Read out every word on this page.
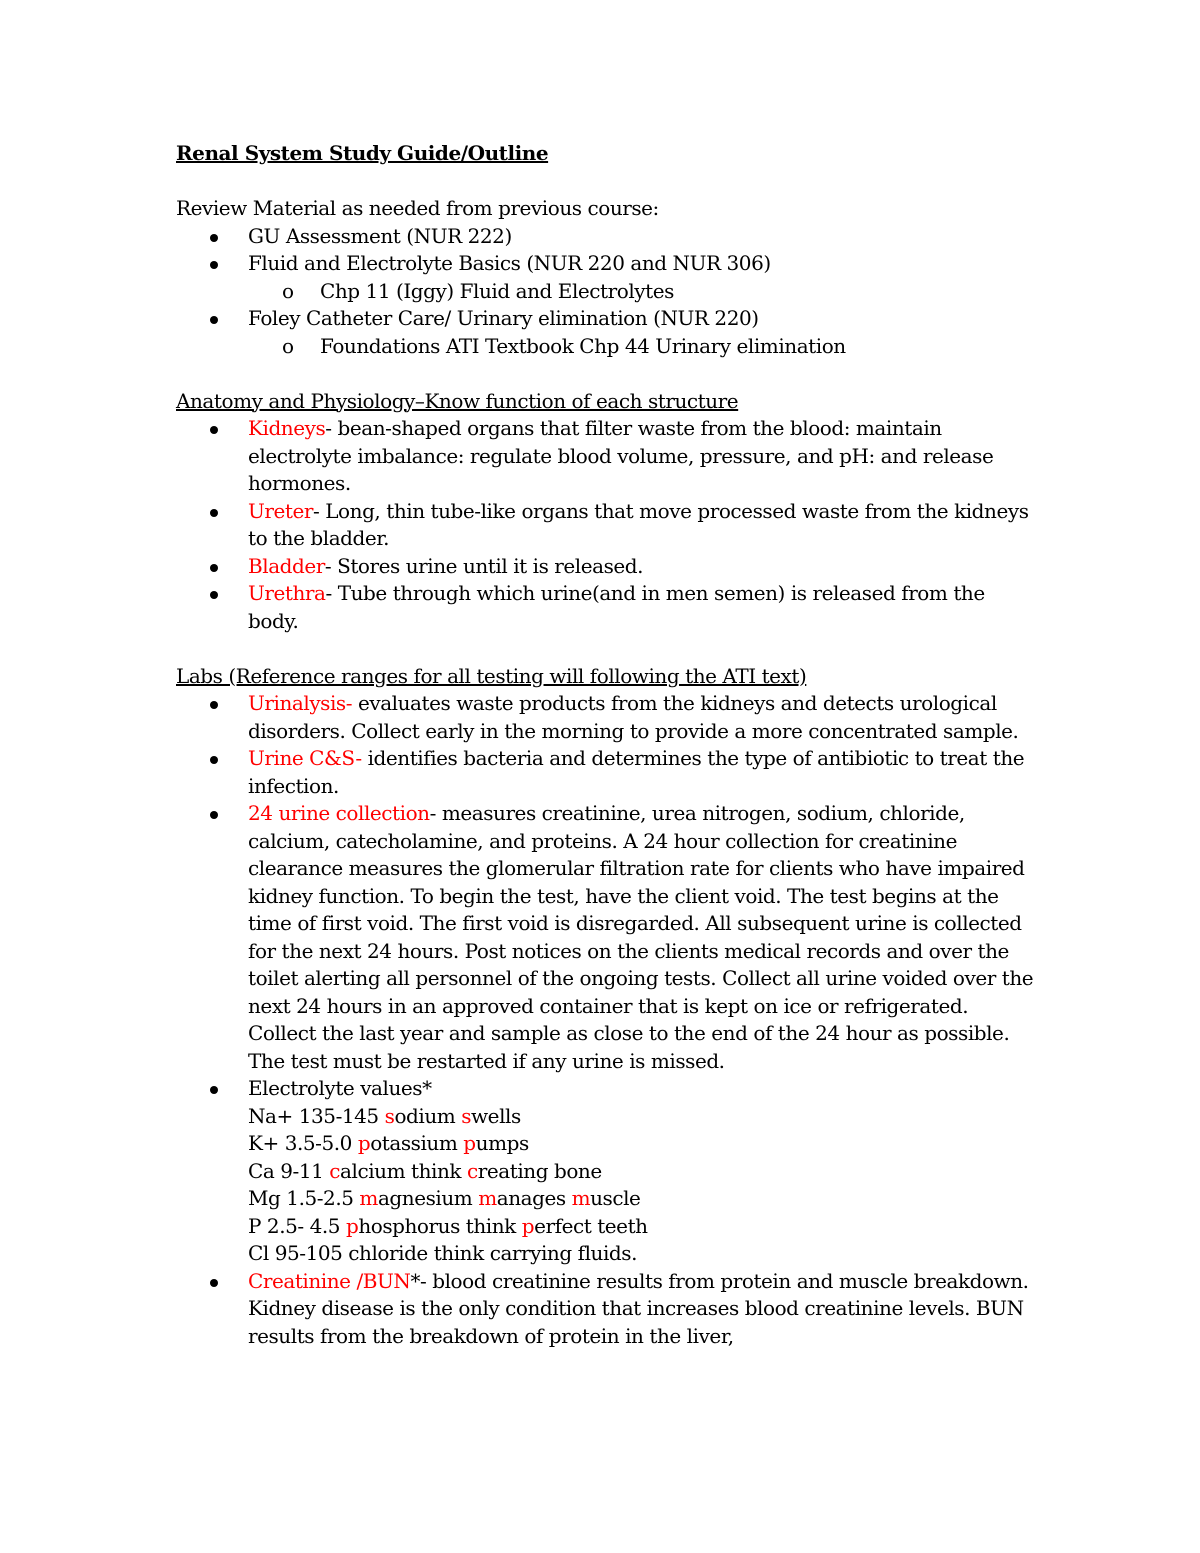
Renal System Study Guide/Outline

Review Material as needed from previous course:

GU Assessment (NUR 222)
Fluid and Electrolyte Basics (NUR 220 and NUR 306)
o Chp 11 (Iggy) Fluid and Electrolytes
Foley Catheter Care/ Urinary elimination (NUR 220)
o Foundations ATI Textbook Chp 44 Urinary elimination

Anatomy and Physiology–Know function of each structure

Kidneys- bean-shaped organs that filter waste from the blood: maintain electrolyte imbalance: regulate blood volume, pressure, and pH: and release hormones.
Ureter- Long, thin tube-like organs that move processed waste from the kidneys to the bladder.
Bladder- Stores urine until it is released.
Urethra- Tube through which urine(and in men semen) is released from the body.

Labs (Reference ranges for all testing will following the ATI text)

Urinalysis- evaluates waste products from the kidneys and detects urological disorders. Collect early in the morning to provide a more concentrated sample.
Urine C&S- identifies bacteria and determines the type of antibiotic to treat the infection.
24 urine collection- measures creatinine, urea nitrogen, sodium, chloride, calcium, catecholamine, and proteins. A 24 hour collection for creatinine clearance measures the glomerular filtration rate for clients who have impaired kidney function. To begin the test, have the client void. The test begins at the time of first void. The first void is disregarded. All subsequent urine is collected for the next 24 hours. Post notices on the clients medical records and over the toilet alerting all personnel of the ongoing tests. Collect all urine voided over the next 24 hours in an approved container that is kept on ice or refrigerated. Collect the last year and sample as close to the end of the 24 hour as possible. The test must be restarted if any urine is missed.
Electrolyte values*
Na+ 135-145 sodium swells
K+ 3.5-5.0 potassium pumps
Ca 9-11 calcium think creating bone
Mg 1.5-2.5 magnesium manages muscle
P 2.5- 4.5 phosphorus think perfect teeth
Cl 95-105 chloride think carrying fluids.
Creatinine /BUN*- blood creatinine results from protein and muscle breakdown. Kidney disease is the only condition that increases blood creatinine levels. BUN results from the breakdown of protein in the liver,
